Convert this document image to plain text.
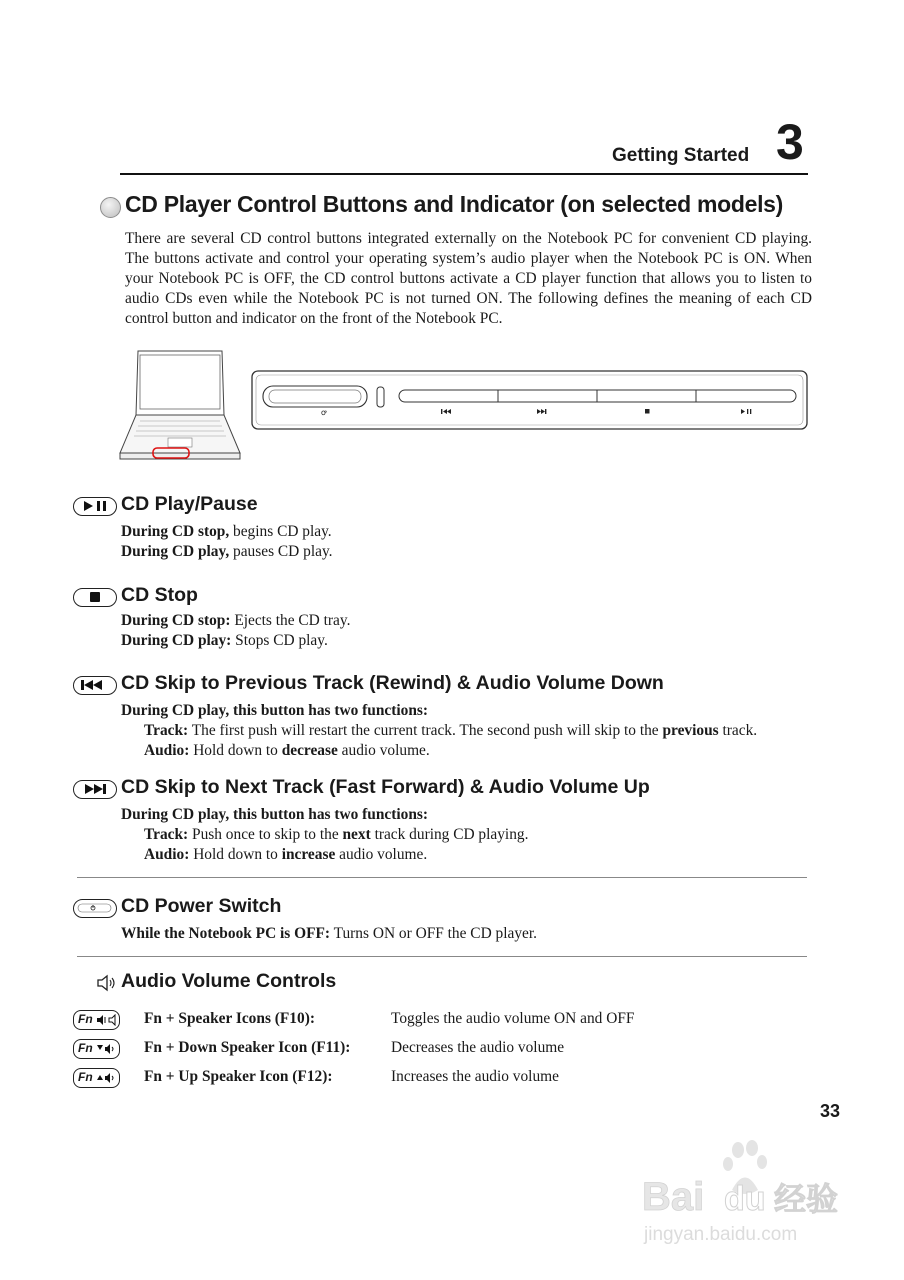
Getting Started 3
CD Player Control Buttons and Indicator (on selected models)
There are several CD control buttons integrated externally on the Notebook PC for convenient CD playing. The buttons activate and control your operating system’s audio player when the Notebook PC is ON. When your Notebook PC is OFF, the CD control buttons activate a CD player function that allows you to listen to audio CDs even while the Notebook PC is not turned ON. The following defines the meaning of each CD control button and indicator on the front of the Notebook PC.
ꝍ
CD Play/Pause
During CD stop, begins CD play.
During CD play, pauses CD play.
CD Stop
During CD stop: Ejects the CD tray.
During CD play: Stops CD play.
CD Skip to Previous Track (Rewind) & Audio Volume Down
During CD play, this button has two functions:
Track: The first push will restart the current track. The second push will skip to the previous track.
Audio: Hold down to decrease audio volume.
CD Skip to Next Track (Fast Forward) & Audio Volume Up
During CD play, this button has two functions:
Track: Push once to skip to the next track during CD playing.
Audio: Hold down to increase audio volume.
CD Power Switch
While the Notebook PC is OFF: Turns ON or OFF the CD player.
Audio Volume Controls
Fn	Fn + Speaker Icons (F10):	Toggles the audio volume ON and OFF
Fn	Fn + Down Speaker Icon (F11):	Decreases the audio volume
Fn	Fn + Up Speaker Icon (F12):	Increases the audio volume
33
Bai du 经验
jingyan.baidu.com
